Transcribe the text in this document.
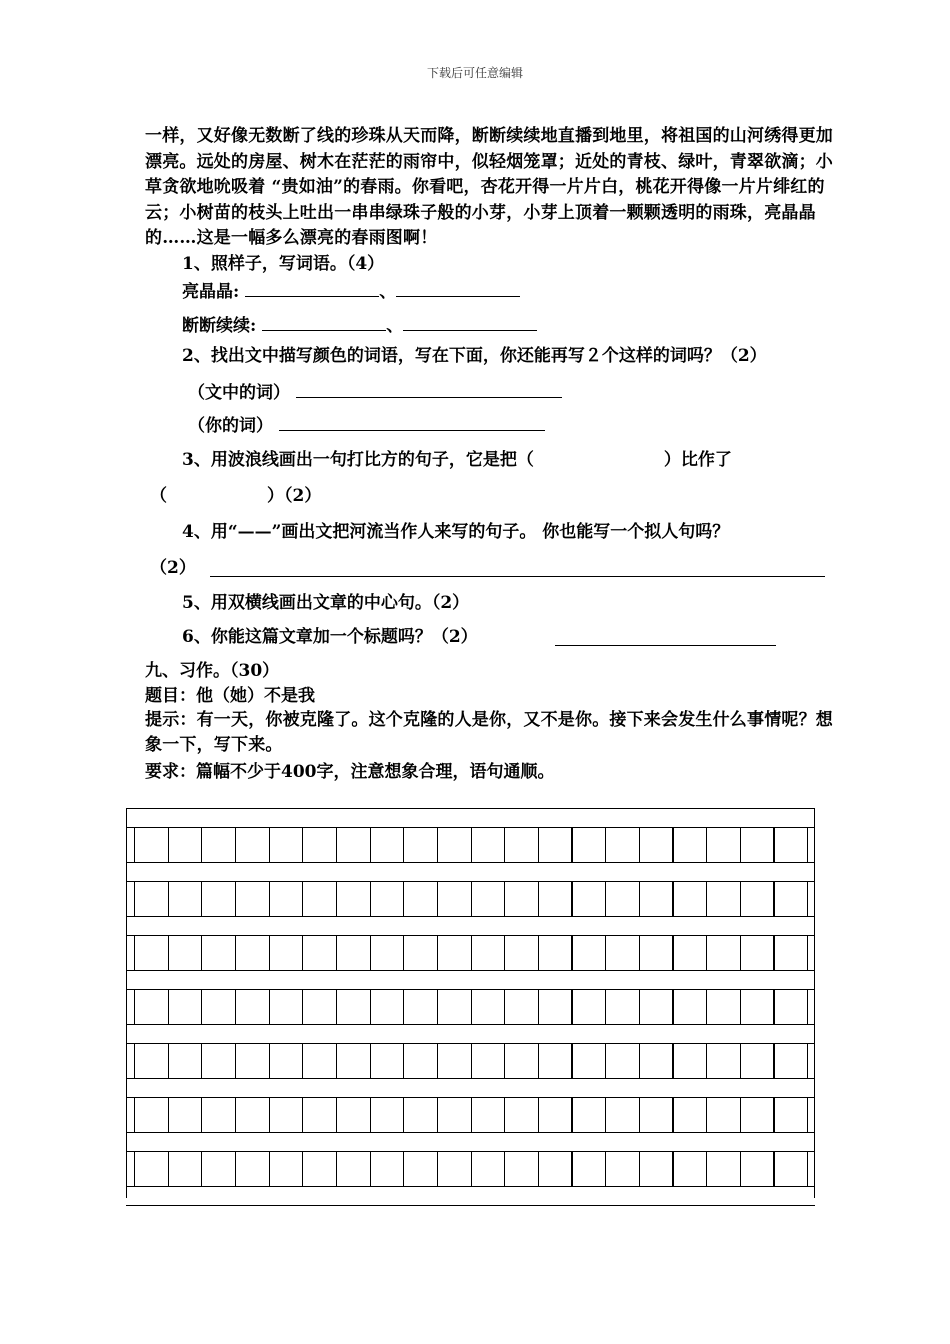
下载后可任意编辑

一样，又好像无数断了线的珍珠从天而降，断断续续地直播到地里，将祖国的山河绣得更加漂亮。远处的房屋、树木在茫茫的雨帘中，似轻烟笼罩；近处的青枝、绿叶，青翠欲滴；小草贪欲地吮吸着 “贵如油”的春雨。你看吧，杏花开得一片片白，桃花开得像一片片绯红的云；小树苗的枝头上吐出一串串绿珠子般的小芽，小芽上顶着一颗颗透明的雨珠，亮晶晶的……这是一幅多么漂亮的春雨图啊！

1、照样子，写词语。（4）
亮晶晶:	、
断断续续:	、
2、找出文中描写颜色的词语，写在下面，你还能再写２个这样的词吗？（2）
（文中的词）
（你的词）
3、用波浪线画出一句打比方的句子，它是把（	）比作了
（	）（2）
4、用“——”画出文把河流当作人来写的句子。 你也能写一个拟人句吗？
（2）
5、用双横线画出文章的中心句。（2）
6、你能这篇文章加一个标题吗？（2）
九、习作。（30）
题目：他（她）不是我

提示：有一天，你被克隆了。这个克隆的人是你，又不是你。接下来会发生什么事情呢？想象一下，写下来。

要求：篇幅不少于400字，注意想象合理，语句通顺。
